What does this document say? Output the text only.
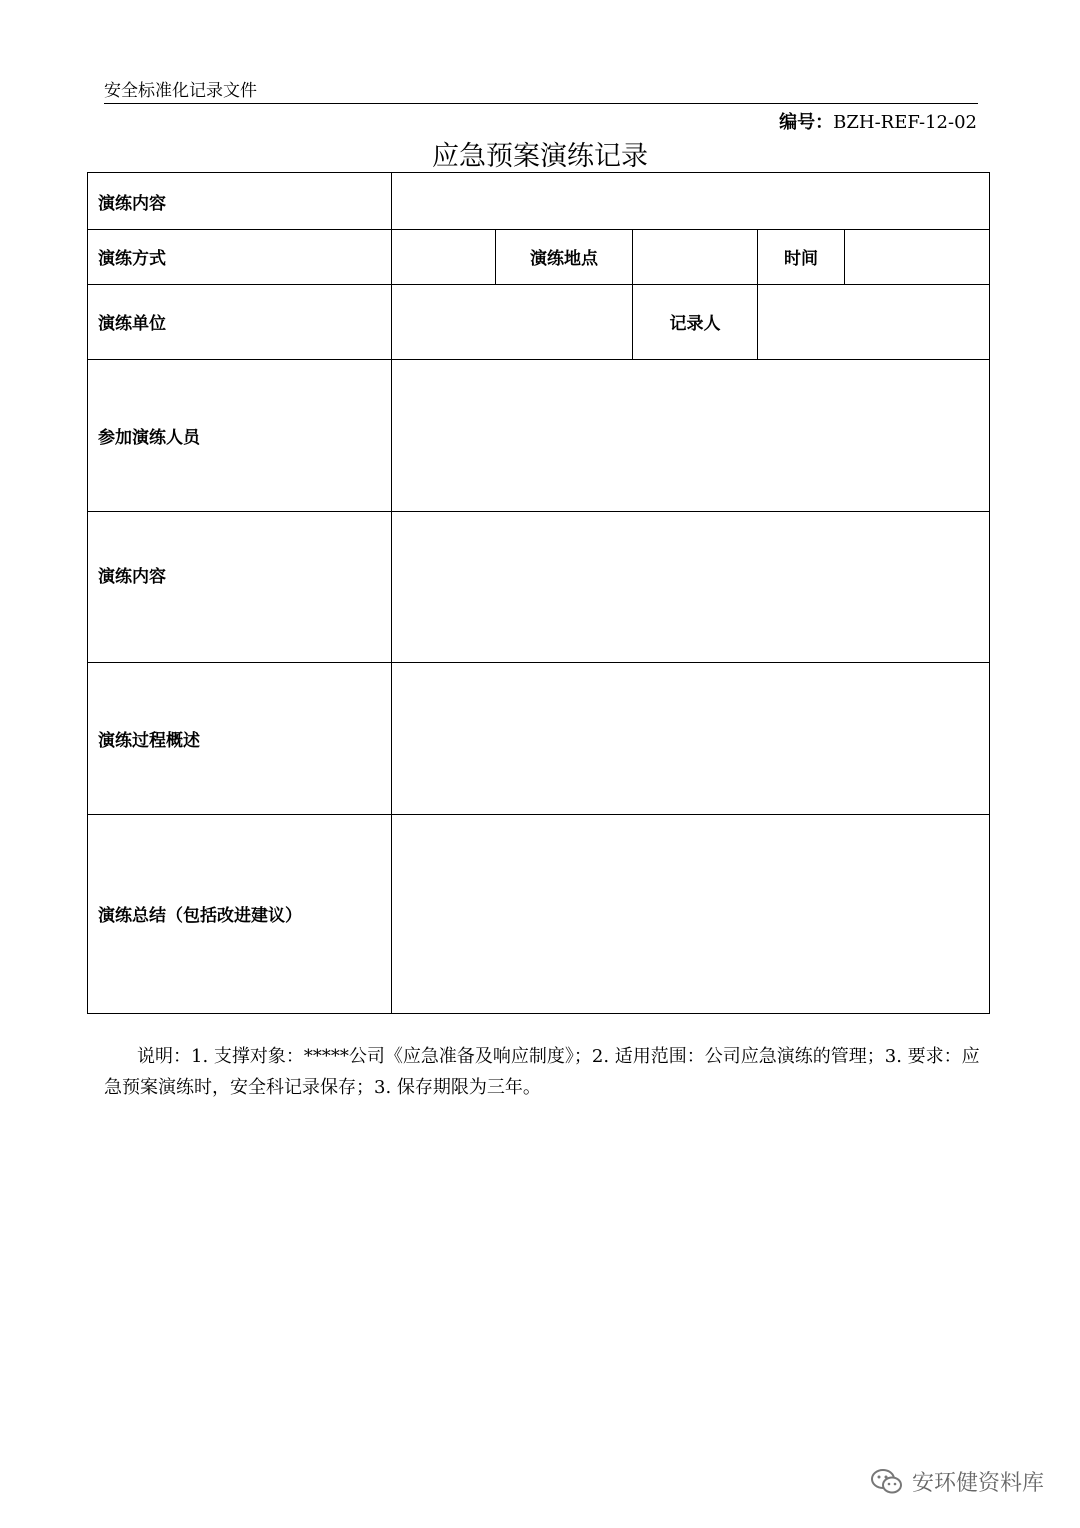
安全标准化记录文件
编号：BZH-REF-12-02
应急预案演练记录
演练内容
演练方式	演练地点	时间
演练单位	记录人
参加演练人员
演练内容
演练过程概述
演练总结（包括改进建议）
说明：1. 支撑对象：*****公司《应急准备及响应制度》；2. 适用范围：公司应急演练的管理；3. 要求：应急预案演练时，安全科记录保存；3. 保存期限为三年。
安环健资料库
